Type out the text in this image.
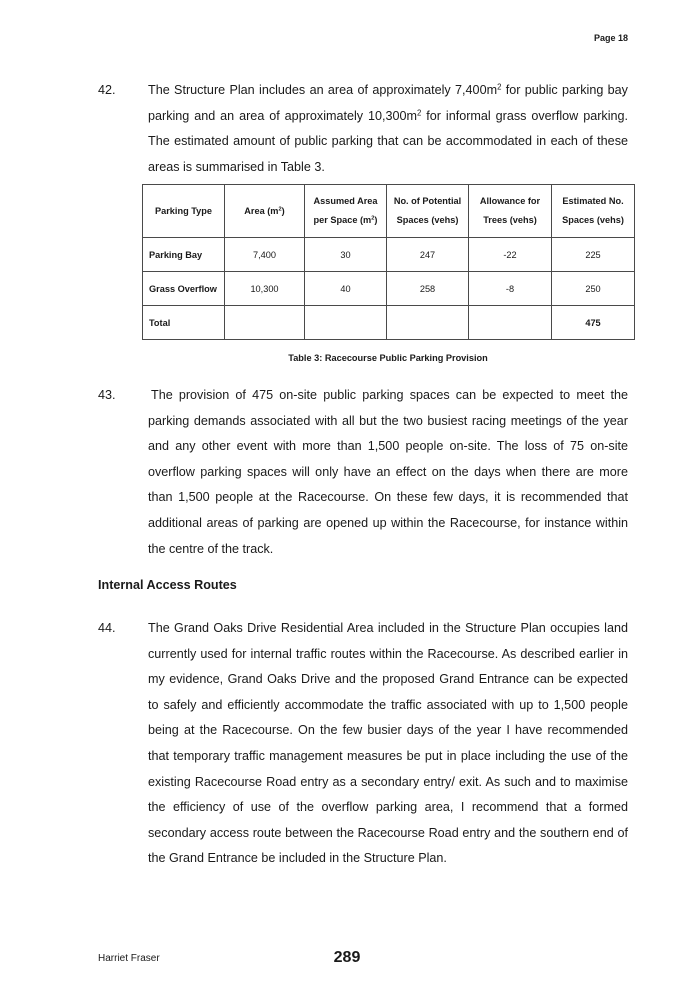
Page 18
42.	The Structure Plan includes an area of approximately $7,400m^2$ for public parking bay parking and an area of approximately $10,300m^2$ for informal grass overflow parking. The estimated amount of public parking that can be accommodated in each of these areas is summarised in Table 3.
Parking Type	Area $(m^2)$	Assumed Area per Space $(m^2)$	No. of Potential Spaces (vehs)	Allowance for Trees (vehs)	Estimated No. Spaces (vehs)
Parking Bay	7,400	30	247	-22	225
Grass Overflow	10,300	40	258	-8	250
Total					475
Table 3: Racecourse Public Parking Provision
43.	The provision of 475 on-site public parking spaces can be expected to meet the parking demands associated with all but the two busiest racing meetings of the year and any other event with more than 1,500 people on-site. The loss of 75 on-site overflow parking spaces will only have an effect on the days when there are more than 1,500 people at the Racecourse. On these few days, it is recommended that additional areas of parking are opened up within the Racecourse, for instance within the centre of the track.
Internal Access Routes
44.	The Grand Oaks Drive Residential Area included in the Structure Plan occupies land currently used for internal traffic routes within the Racecourse. As described earlier in my evidence, Grand Oaks Drive and the proposed Grand Entrance can be expected to safely and efficiently accommodate the traffic associated with up to 1,500 people being at the Racecourse. On the few busier days of the year I have recommended that temporary traffic management measures be put in place including the use of the existing Racecourse Road entry as a secondary entry/ exit. As such and to maximise the efficiency of use of the overflow parking area, I recommend that a formed secondary access route between the Racecourse Road entry and the southern end of the Grand Entrance be included in the Structure Plan.
Harriet Fraser	289
